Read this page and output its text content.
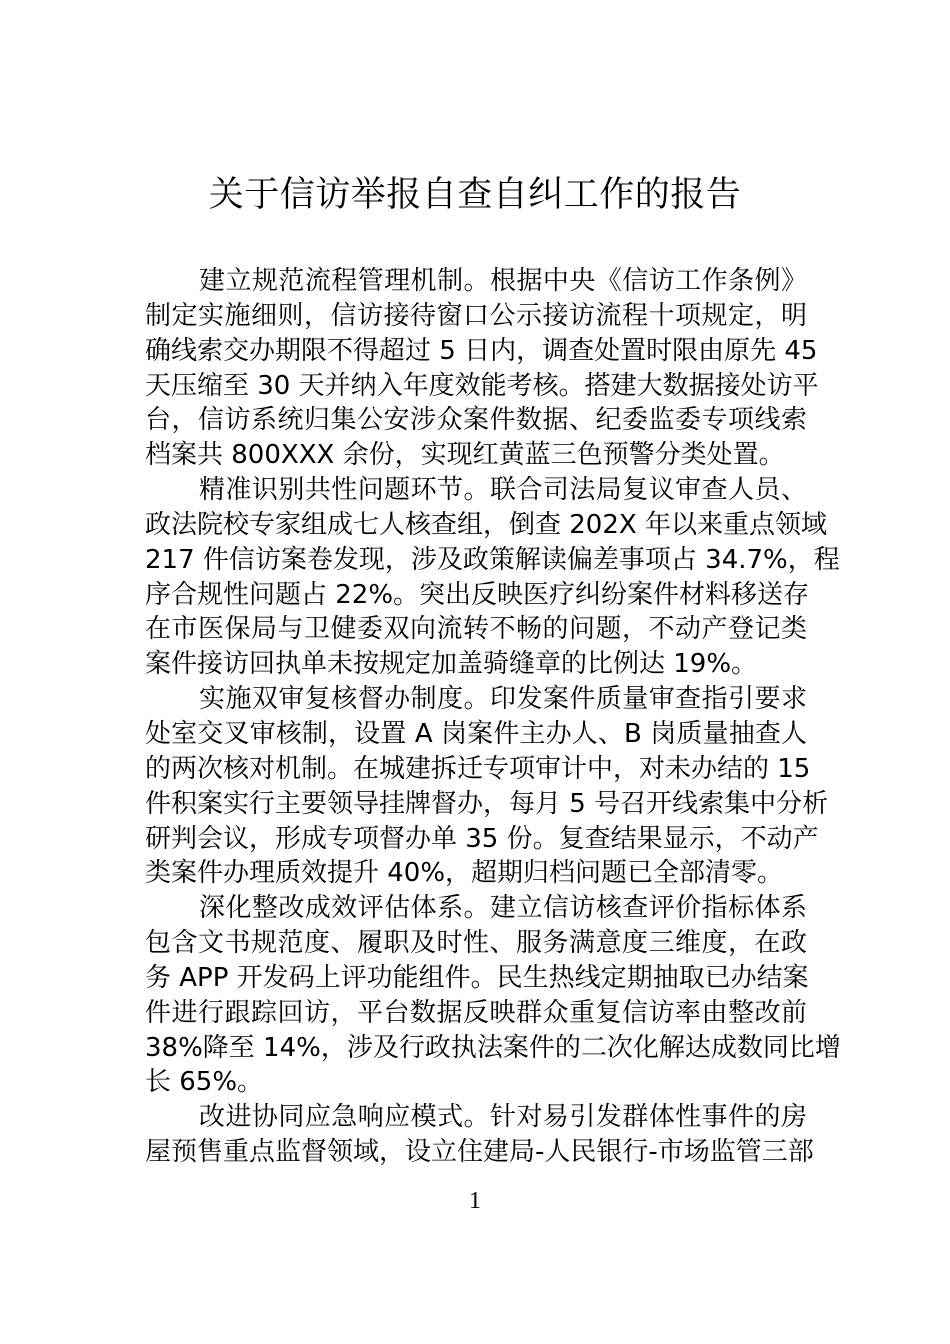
关于信访举报自查自纠工作的报告
建立规范流程管理机制。根据中央《信访工作条例》
制定实施细则，信访接待窗口公示接访流程十项规定，明
确线索交办期限不得超过 5 日内，调查处置时限由原先 45
天压缩至 30 天并纳入年度效能考核。搭建大数据接处访平
台，信访系统归集公安涉众案件数据、纪委监委专项线索
档案共 800XXX 余份，实现红黄蓝三色预警分类处置。
精准识别共性问题环节。联合司法局复议审查人员、
政法院校专家组成七人核查组，倒查 202X 年以来重点领域
217 件信访案卷发现，涉及政策解读偏差事项占 34.7%，程
序合规性问题占 22%。突出反映医疗纠纷案件材料移送存
在市医保局与卫健委双向流转不畅的问题，不动产登记类
案件接访回执单未按规定加盖骑缝章的比例达 19%。
实施双审复核督办制度。印发案件质量审查指引要求
处室交叉审核制，设置 A 岗案件主办人、B 岗质量抽查人
的两次核对机制。在城建拆迁专项审计中，对未办结的 15
件积案实行主要领导挂牌督办，每月 5 号召开线索集中分析
研判会议，形成专项督办单 35 份。复查结果显示，不动产
类案件办理质效提升 40%，超期归档问题已全部清零。
深化整改成效评估体系。建立信访核查评价指标体系
包含文书规范度、履职及时性、服务满意度三维度，在政
务 APP 开发码上评功能组件。民生热线定期抽取已办结案
件进行跟踪回访，平台数据反映群众重复信访率由整改前
38%降至 14%，涉及行政执法案件的二次化解达成数同比增
长 65%。
改进协同应急响应模式。针对易引发群体性事件的房
屋预售重点监督领域，设立住建局-人民银行-市场监管三部
1
